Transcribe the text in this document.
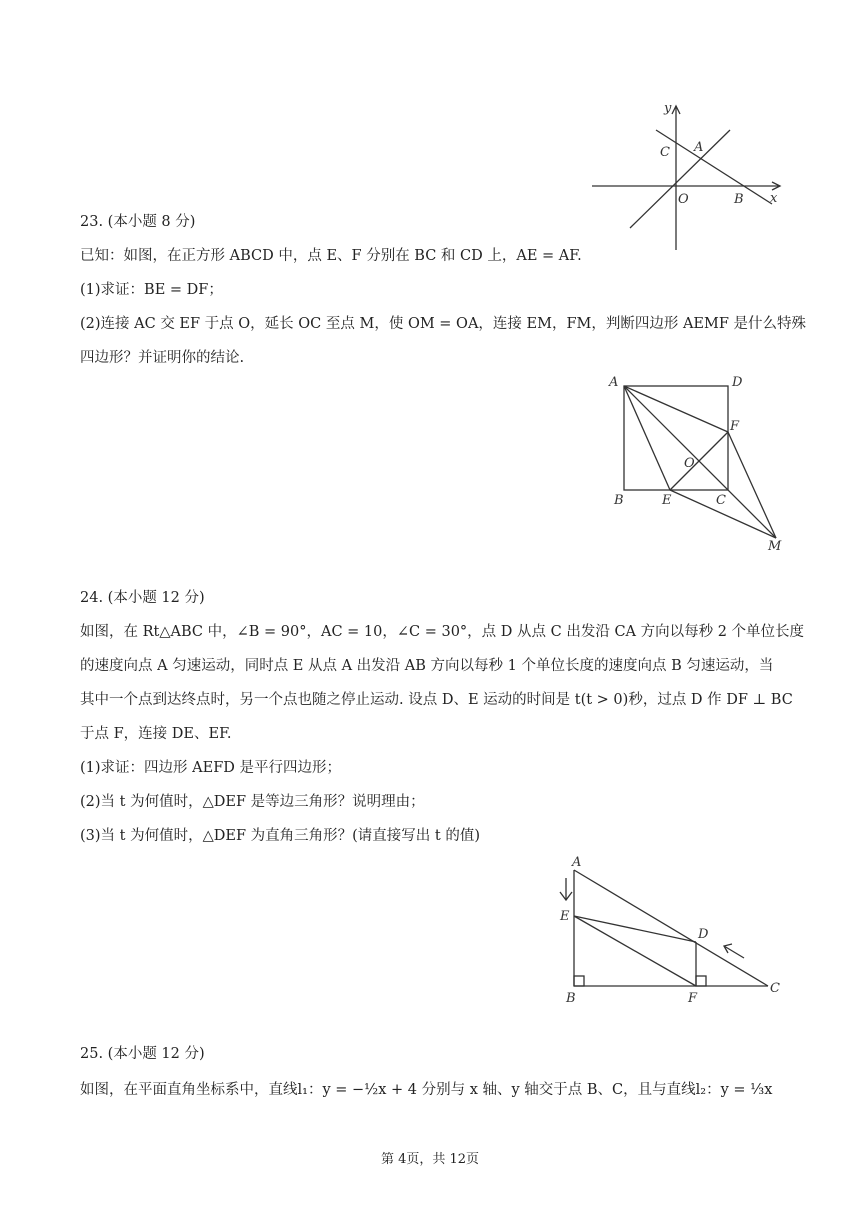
y
x
C A
O	B
23. (本小题 8 分)
已知：如图，在正方形 ABCD 中，点 E、F 分别在 BC 和 CD 上，AE = AF.
(1)求证：BE = DF；
(2)连接 AC 交 EF 于点 O，延长 OC 至点 M，使 OM = OA，连接 EM，FM，判断四边形 AEMF 是什么特殊
四边形？并证明你的结论.
A	D
F
O
B	E	C
M
24. (本小题 12 分)
如图，在 Rt△ABC 中，∠B = 90°，AC = 10，∠C = 30°，点 D 从点 C 出发沿 CA 方向以每秒 2 个单位长度
的速度向点 A 匀速运动，同时点 E 从点 A 出发沿 AB 方向以每秒 1 个单位长度的速度向点 B 匀速运动，当
其中一个点到达终点时，另一个点也随之停止运动. 设点 D、E 运动的时间是 t(t > 0)秒，过点 D 作 DF ⊥ BC
于点 F，连接 DE、EF.
(1)求证：四边形 AEFD 是平行四边形；
(2)当 t 为何值时，△DEF 是等边三角形？说明理由；
(3)当 t 为何值时，△DEF 为直角三角形？(请直接写出 t 的值)
A
E
D
B	F
C
25. (本小题 12 分)
如图，在平面直角坐标系中，直线l₁：y = −½x + 4 分别与 x 轴、y 轴交于点 B、C，且与直线l₂：y = ⅓x
第 4页，共 12页
